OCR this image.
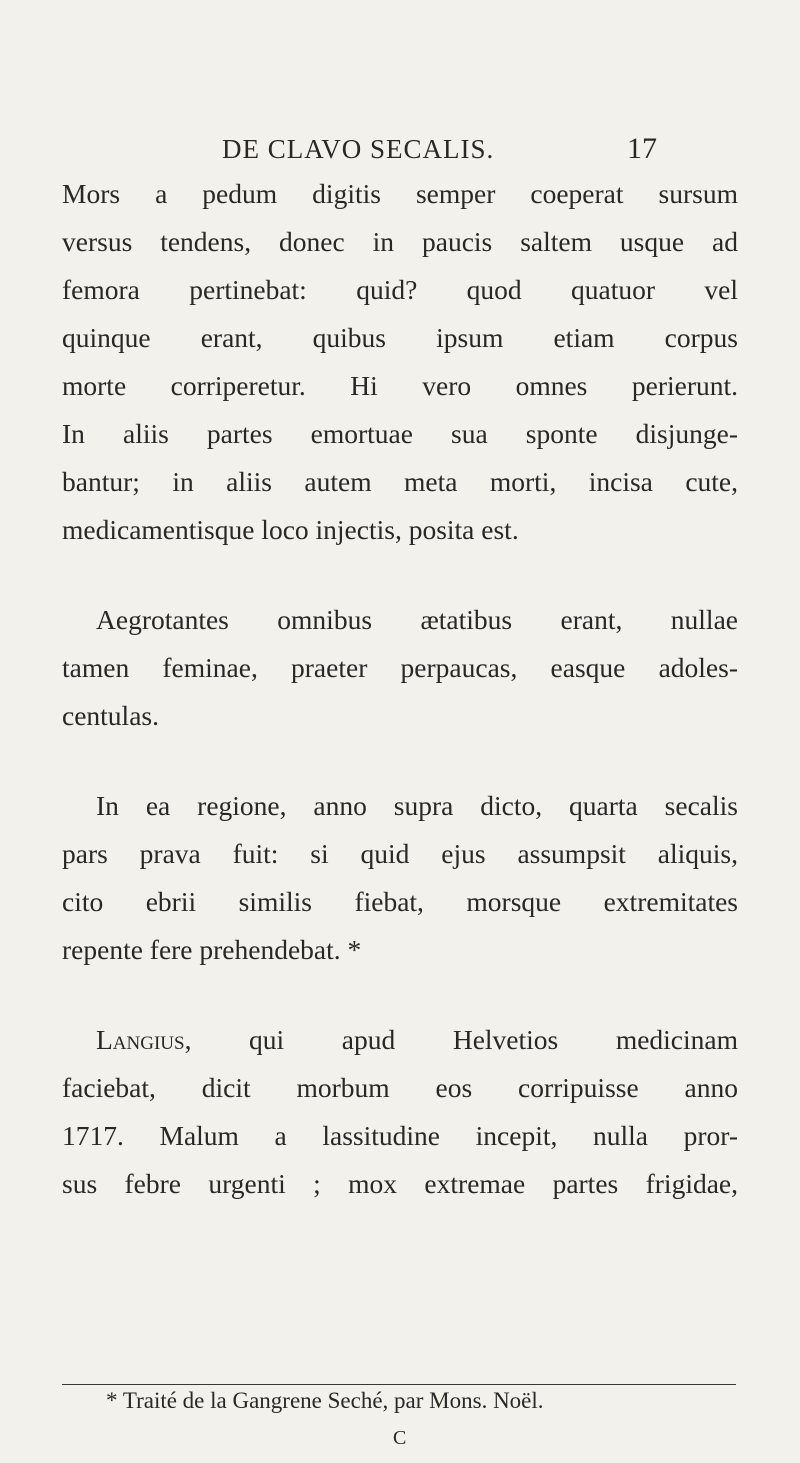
DE CLAVO SECALIS.	17
Mors a pedum digitis semper coeperat sursum
versus tendens, donec in paucis saltem usque ad
femora pertinebat: quid? quod quatuor vel
quinque erant, quibus ipsum etiam corpus
morte corriperetur. Hi vero omnes perierunt.
In aliis partes emortuae sua sponte disjunge-
bantur; in aliis autem meta morti, incisa cute,
medicamentisque loco injectis, posita est.
Aegrotantes omnibus ætatibus erant, nullae
tamen feminae, praeter perpaucas, easque adoles-
centulas.
In ea regione, anno supra dicto, quarta secalis
pars prava fuit: si quid ejus assumpsit aliquis,
cito ebrii similis fiebat, morsque extremitates
repente fere prehendebat. *
Langius, qui apud Helvetios medicinam
faciebat, dicit morbum eos corripuisse anno
1717. Malum a lassitudine incepit, nulla pror-
sus febre urgenti ; mox extremae partes frigidae,
* Traité de la Gangrene Seché, par Mons. Noël.
C
